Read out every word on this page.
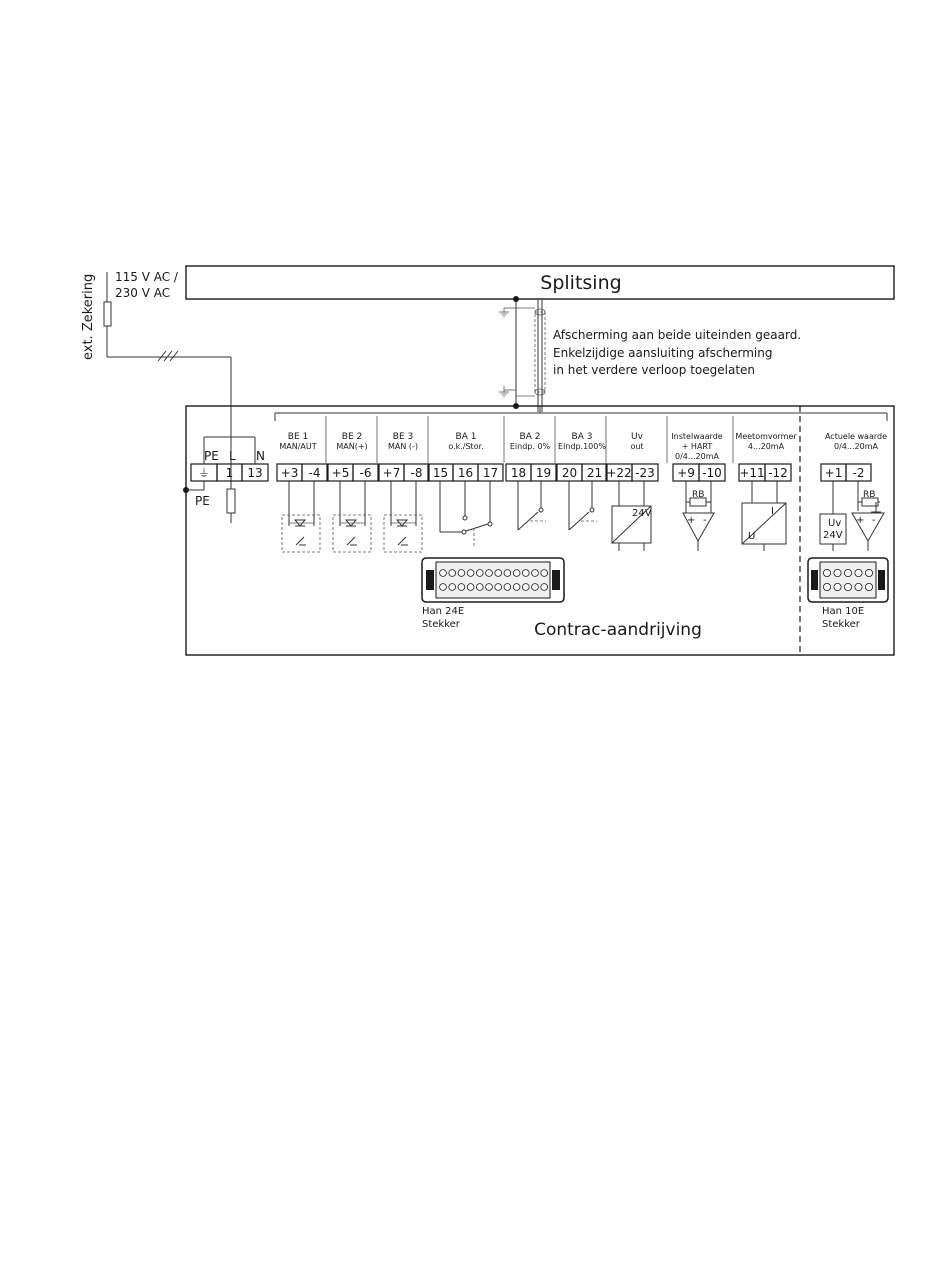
Splitsing
ext. Zekering 115 V AC /
230 V AC
Afscherming aan beide uiteinden geaard.
Enkelzijdige aansluiting afscherming
in het verdere verloop toegelaten
PE L N
PE
⏚ 1 13
BE 1
MAN/AUT
BE 2
MAN(+)
BE 3
MAN (-)
BA 1
o.k./Stor.
BA 2
Eindp. 0%
BA 3
Eindp.100%
Uv
out
Instelwaarde
+ HART
0/4...20mA
Meetomvormer
4...20mA
Actuele waarde
0/4...20mA
+3 -4 +5 -6 +7 -8 15 16 17 18 19 20 21 +22 -23 +9 -10 +11 -12	+1 -2
24V
RB
+ -
I
U
Uv
24V
RB
+ -
Han 24E
Stekker
Han 10E
Stekker
Contrac-aandrijving
